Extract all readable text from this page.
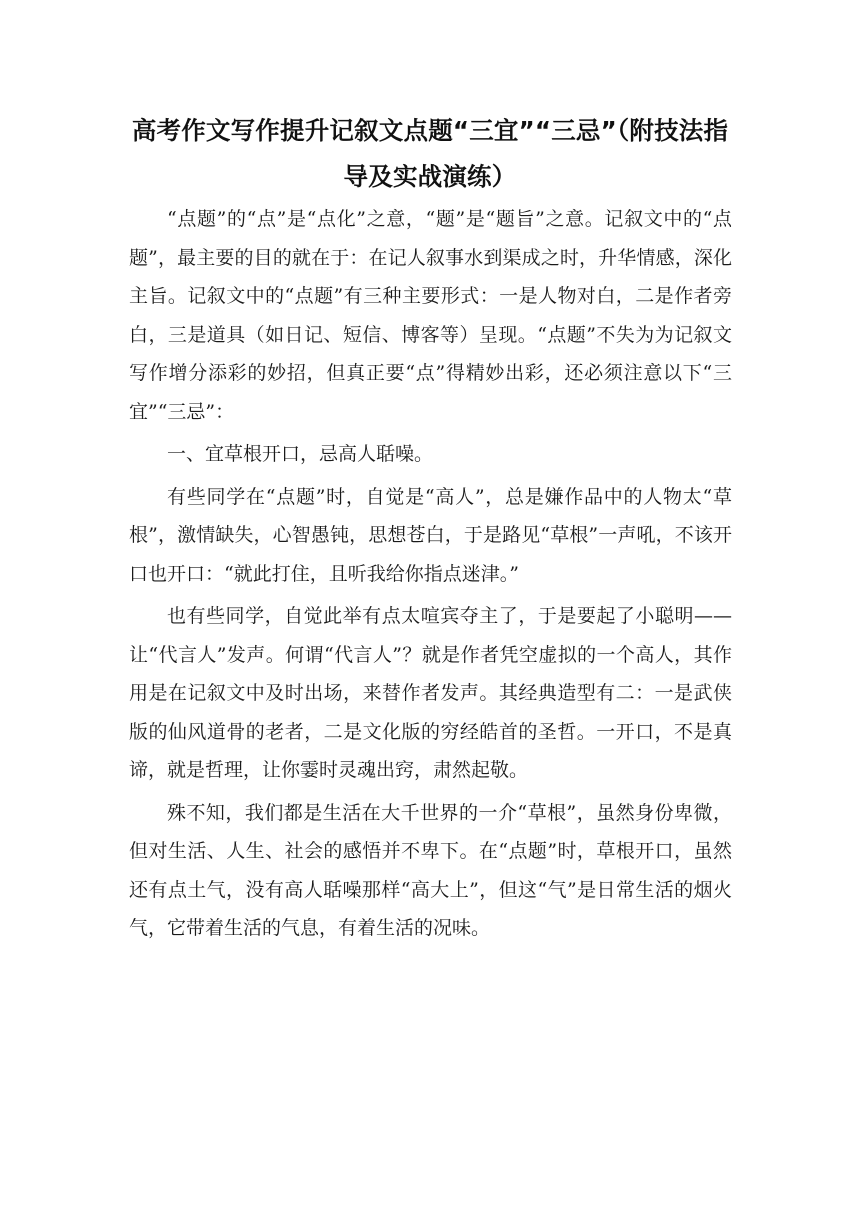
高考作文写作提升记叙文点题“三宜”“三忌”（附技法指导及实战演练）

“点题”的“点”是“点化”之意，“题”是“题旨”之意。记叙文中的“点题”，最主要的目的就在于：在记人叙事水到渠成之时，升华情感，深化主旨。记叙文中的“点题”有三种主要形式：一是人物对白，二是作者旁白，三是道具（如日记、短信、博客等）呈现。“点题”不失为为记叙文写作增分添彩的妙招，但真正要“点”得精妙出彩，还必须注意以下“三宜”“三忌”：

一、宜草根开口，忌高人聒噪。

有些同学在“点题”时，自觉是“高人”，总是嫌作品中的人物太“草根”，激情缺失，心智愚钝，思想苍白，于是路见“草根”一声吼，不该开口也开口：“就此打住，且听我给你指点迷津。”

也有些同学，自觉此举有点太喧宾夺主了，于是要起了小聪明——让“代言人”发声。何谓“代言人”？就是作者凭空虚拟的一个高人，其作用是在记叙文中及时出场，来替作者发声。其经典造型有二：一是武侠版的仙风道骨的老者，二是文化版的穷经皓首的圣哲。一开口，不是真谛，就是哲理，让你霎时灵魂出窍，肃然起敬。

殊不知，我们都是生活在大千世界的一介“草根”，虽然身份卑微，但对生活、人生、社会的感悟并不卑下。在“点题”时，草根开口，虽然还有点土气，没有高人聒噪那样“高大上”，但这“气”是日常生活的烟火气，它带着生活的气息，有着生活的况味。
